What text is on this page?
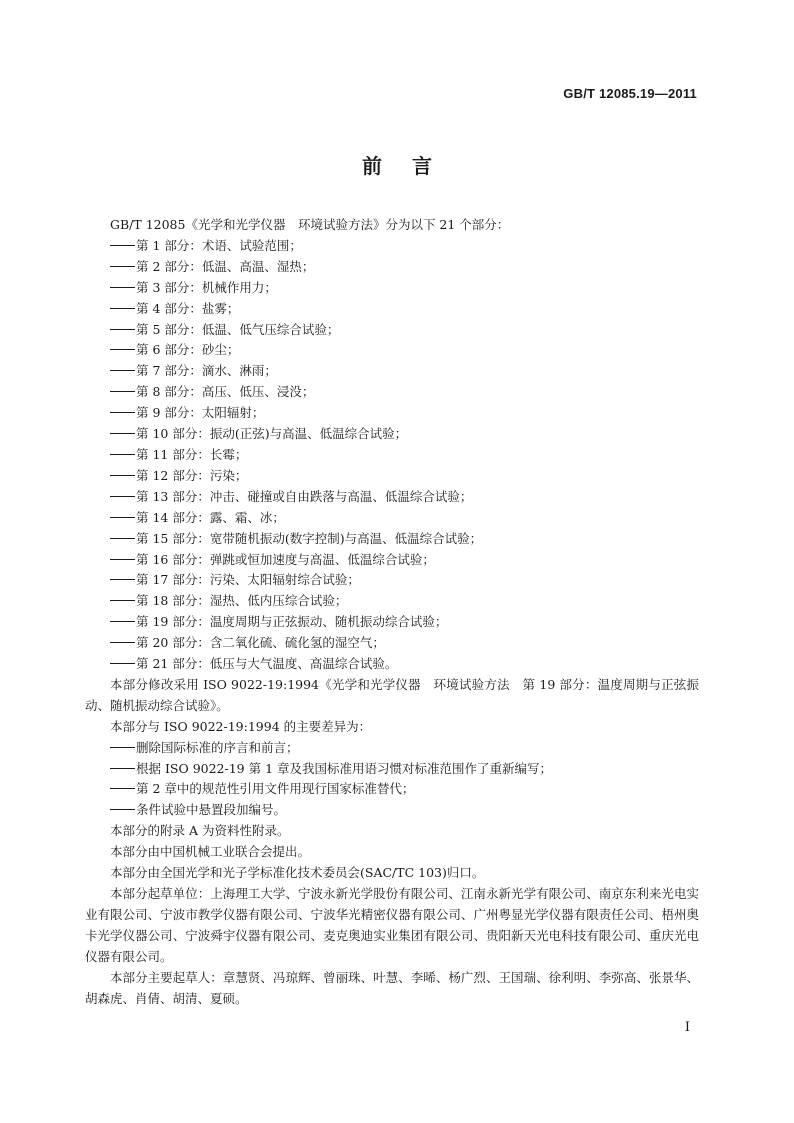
GB/T 12085.19—2011
前言

GB/T 12085《光学和光学仪器　环境试验方法》分为以下 21 个部分：

第 1 部分：术语、试验范围；
第 2 部分：低温、高温、湿热；
第 3 部分：机械作用力；
第 4 部分：盐雾；
第 5 部分：低温、低气压综合试验；
第 6 部分：砂尘；
第 7 部分：滴水、淋雨；
第 8 部分：高压、低压、浸没；
第 9 部分：太阳辐射；
第 10 部分：振动(正弦)与高温、低温综合试验；
第 11 部分：长霉；
第 12 部分：污染；
第 13 部分：冲击、碰撞或自由跌落与高温、低温综合试验；
第 14 部分：露、霜、冰；
第 15 部分：宽带随机振动(数字控制)与高温、低温综合试验；
第 16 部分：弹跳或恒加速度与高温、低温综合试验；
第 17 部分：污染、太阳辐射综合试验；
第 18 部分：湿热、低内压综合试验；
第 19 部分：温度周期与正弦振动、随机振动综合试验；
第 20 部分：含二氧化硫、硫化氢的湿空气；
第 21 部分：低压与大气温度、高温综合试验。

本部分修改采用 ISO 9022-19:1994《光学和光学仪器　环境试验方法　第 19 部分：温度周期与正弦振动、随机振动综合试验》。

本部分与 ISO 9022-19:1994 的主要差异为：

删除国际标准的序言和前言；
根据 ISO 9022-19 第 1 章及我国标准用语习惯对标准范围作了重新编写；
第 2 章中的规范性引用文件用现行国家标准替代；
条件试验中悬置段加编号。

本部分的附录 A 为资料性附录。

本部分由中国机械工业联合会提出。

本部分由全国光学和光子学标准化技术委员会(SAC/TC 103)归口。

本部分起草单位：上海理工大学、宁波永新光学股份有限公司、江南永新光学有限公司、南京东利来光电实业有限公司、宁波市教学仪器有限公司、宁波华光精密仪器有限公司、广州粤显光学仪器有限责任公司、梧州奥卡光学仪器公司、宁波舜宇仪器有限公司、麦克奥迪实业集团有限公司、贵阳新天光电科技有限公司、重庆光电仪器有限公司。

本部分主要起草人：章慧贤、冯琼辉、曾丽珠、叶慧、李晞、杨广烈、王国瑞、徐利明、李弥高、张景华、胡森虎、肖倩、胡清、夏硕。

I
